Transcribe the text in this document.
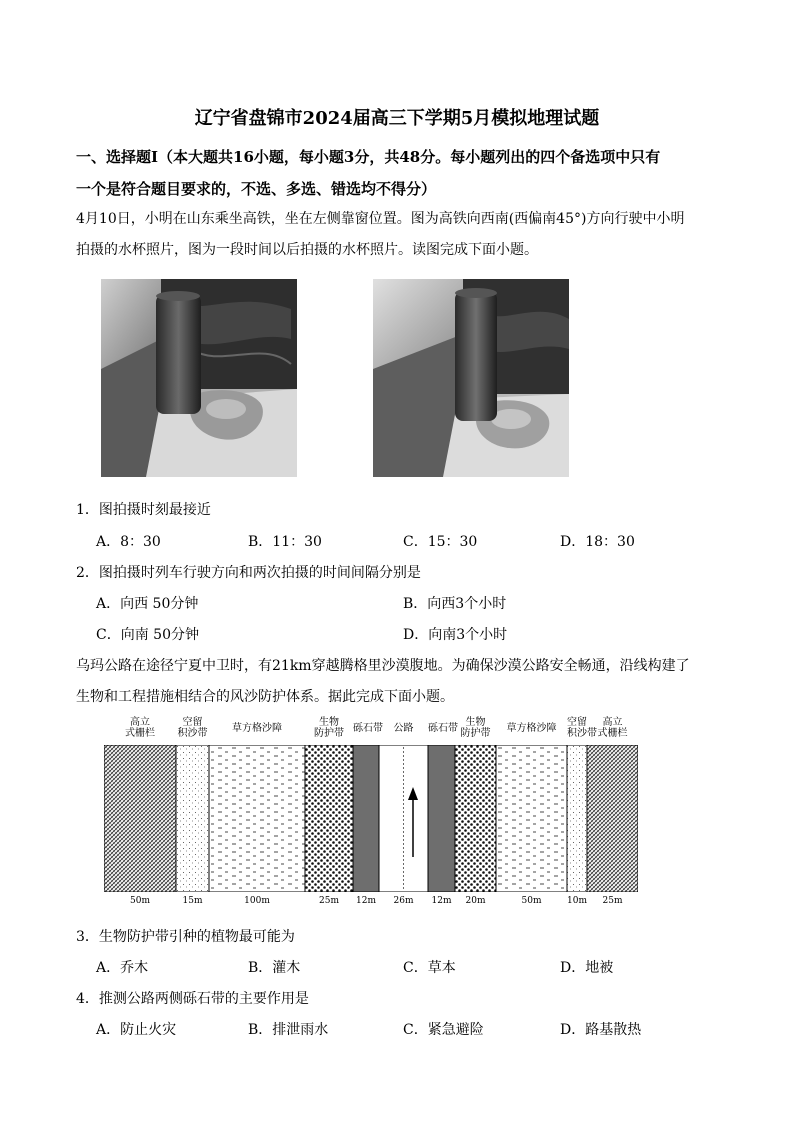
辽宁省盘锦市2024届高三下学期5月模拟地理试题
一、选择题Ⅰ（本大题共16小题，每小题3分，共48分。每小题列出的四个备选项中只有
一个是符合题目要求的，不选、多选、错选均不得分）
4月10日，小明在山东乘坐高铁，坐在左侧靠窗位置。图为高铁向西南(西偏南45°)方向行驶中小明
拍摄的水杯照片，图为一段时间以后拍摄的水杯照片。读图完成下面小题。
1．图拍摄时刻最接近
A．8：30	B．11：30	C．15：30	D．18：30
2．图拍摄时列车行驶方向和两次拍摄的时间间隔分别是
A．向西 50分钟	B．向西3个小时
C．向南 50分钟	D．向南3个小时
乌玛公路在途径宁夏中卫时，有21km穿越腾格里沙漠腹地。为确保沙漠公路安全畅通，沿线构建了
生物和工程措施相结合的风沙防护体系。据此完成下面小题。
高立
式栅栏
空留
积沙带	草方格沙障
生物
防护带 砾石带	公路	砾石带
生物
防护带	草方格沙障
空留
积沙带
高立
式栅栏
50m	15m	100m	25m	12m	26m	12m	20m	50m	10m	25m
3．生物防护带引种的植物最可能为
A．乔木	B．灌木	C．草本	D．地被
4．推测公路两侧砾石带的主要作用是
A．防止火灾	B．排泄雨水	C．紧急避险	D．路基散热
